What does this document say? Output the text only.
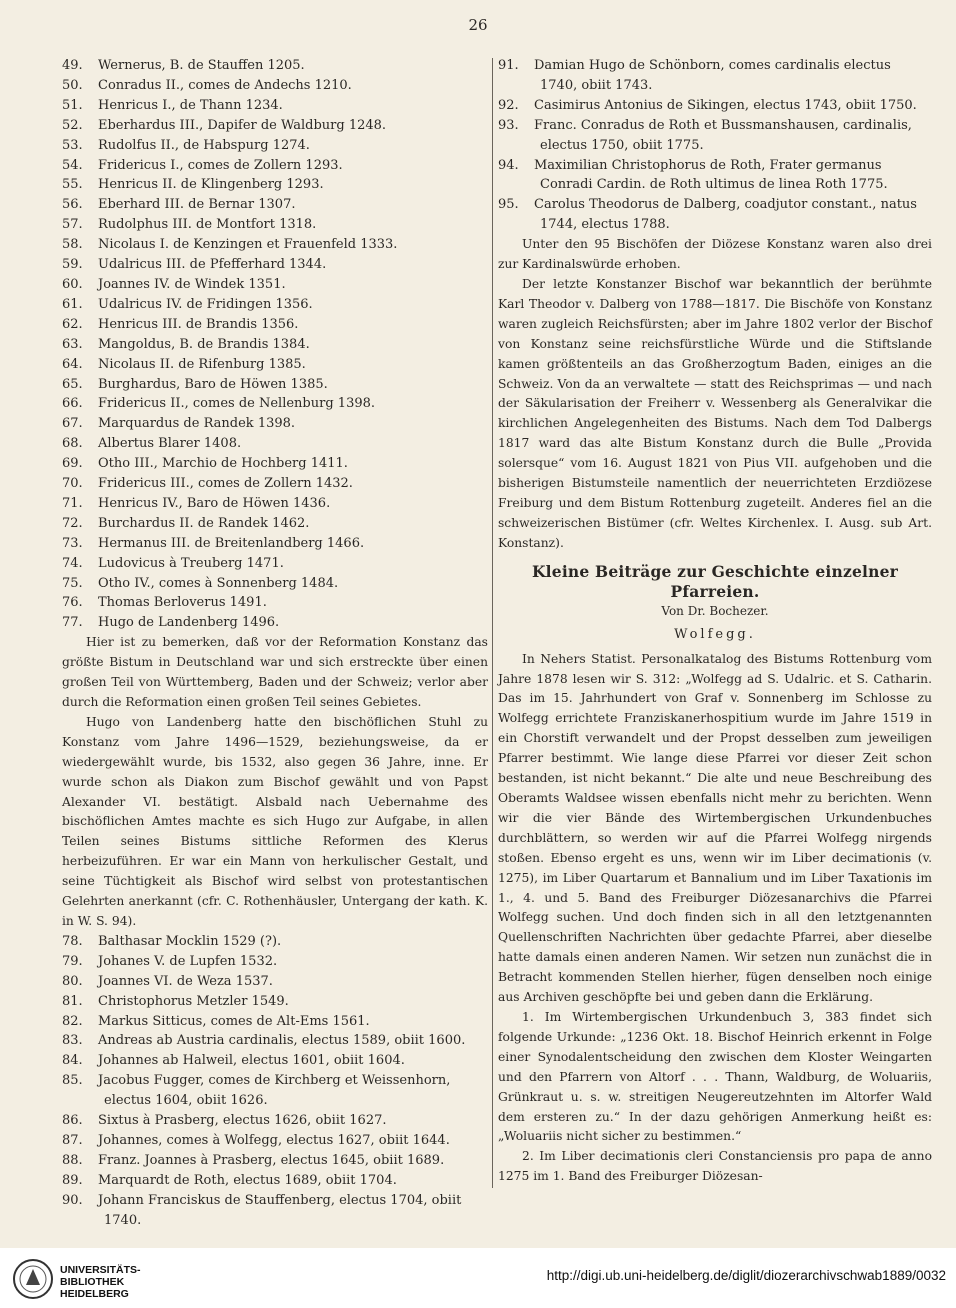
26

49. Wernerus, B. de Stauffen 1205.

50. Conradus II., comes de Andechs 1210.

51. Henricus I., de Thann 1234.

52. Eberhardus III., Dapifer de Waldburg 1248.

53. Rudolfus II., de Habspurg 1274.

54. Fridericus I., comes de Zollern 1293.

55. Henricus II. de Klingenberg 1293.

56. Eberhard III. de Bernar 1307.

57. Rudolphus III. de Montfort 1318.

58. Nicolaus I. de Kenzingen et Frauenfeld 1333.

59. Udalricus III. de Pfefferhard 1344.

60. Joannes IV. de Windek 1351.

61. Udalricus IV. de Fridingen 1356.

62. Henricus III. de Brandis 1356.

63. Mangoldus, B. de Brandis 1384.

64. Nicolaus II. de Rifenburg 1385.

65. Burghardus, Baro de Höwen 1385.

66. Fridericus II., comes de Nellenburg 1398.

67. Marquardus de Randek 1398.

68. Albertus Blarer 1408.

69. Otho III., Marchio de Hochberg 1411.

70. Fridericus III., comes de Zollern 1432.

71. Henricus IV., Baro de Höwen 1436.

72. Burchardus II. de Randek 1462.

73. Hermanus III. de Breitenlandberg 1466.

74. Ludovicus à Treuberg 1471.

75. Otho IV., comes à Sonnenberg 1484.

76. Thomas Berloverus 1491.

77. Hugo de Landenberg 1496.

Hier ist zu bemerken, daß vor der Reformation Konstanz das größte Bistum in Deutschland war und sich erstreckte über einen großen Teil von Württemberg, Baden und der Schweiz; verlor aber durch die Reformation einen großen Teil seines Gebietes.

Hugo von Landenberg hatte den bischöflichen Stuhl zu Konstanz vom Jahre 1496—1529, beziehungsweise, da er wiedergewählt wurde, bis 1532, also gegen 36 Jahre, inne. Er wurde schon als Diakon zum Bischof gewählt und von Papst Alexander VI. bestätigt. Alsbald nach Uebernahme des bischöflichen Amtes machte es sich Hugo zur Aufgabe, in allen Teilen seines Bistums sittliche Reformen des Klerus herbeizuführen. Er war ein Mann von herkulischer Gestalt, und seine Tüchtigkeit als Bischof wird selbst von protestantischen Gelehrten anerkannt (cfr. C. Rothenhäusler, Untergang der kath. K. in W. S. 94).

78. Balthasar Mocklin 1529 (?).

79. Johanes V. de Lupfen 1532.

80. Joannes VI. de Weza 1537.

81. Christophorus Metzler 1549.

82. Markus Sitticus, comes de Alt-Ems 1561.

83. Andreas ab Austria cardinalis, electus 1589, obiit 1600.

84. Johannes ab Halweil, electus 1601, obiit 1604.

85. Jacobus Fugger, comes de Kirchberg et Weissenhorn, electus 1604, obiit 1626.

86. Sixtus à Prasberg, electus 1626, obiit 1627.

87. Johannes, comes à Wolfegg, electus 1627, obiit 1644.

88. Franz. Joannes à Prasberg, electus 1645, obiit 1689.

89. Marquardt de Roth, electus 1689, obiit 1704.

90. Johann Franciskus de Stauffenberg, electus 1704, obiit 1740.

91. Damian Hugo de Schönborn, comes cardinalis electus 1740, obiit 1743.

92. Casimirus Antonius de Sikingen, electus 1743, obiit 1750.

93. Franc. Conradus de Roth et Bussmanshausen, cardinalis, electus 1750, obiit 1775.

94. Maximilian Christophorus de Roth, Frater germanus Conradi Cardin. de Roth ultimus de linea Roth 1775.

95. Carolus Theodorus de Dalberg, coadjutor constant., natus 1744, electus 1788.

Unter den 95 Bischöfen der Diözese Konstanz waren also drei zur Kardinalswürde erhoben.

Der letzte Konstanzer Bischof war bekanntlich der berühmte Karl Theodor v. Dalberg von 1788—1817. Die Bischöfe von Konstanz waren zugleich Reichsfürsten; aber im Jahre 1802 verlor der Bischof von Konstanz seine reichsfürstliche Würde und die Stiftslande kamen größtenteils an das Großherzogtum Baden, einiges an die Schweiz. Von da an verwaltete — statt des Reichsprimas — und nach der Säkularisation der Freiherr v. Wessenberg als Generalvikar die kirchlichen Angelegenheiten des Bistums. Nach dem Tod Dalbergs 1817 ward das alte Bistum Konstanz durch die Bulle „Provida solersque“ vom 16. August 1821 von Pius VII. aufgehoben und die bisherigen Bistumsteile namentlich der neuerrichteten Erzdiözese Freiburg und dem Bistum Rottenburg zugeteilt. Anderes fiel an die schweizerischen Bistümer (cfr. Weltes Kirchenlex. I. Ausg. sub Art. Konstanz).

Kleine Beiträge zur Geschichte einzelner Pfarreien.

Von Dr. Bochezer.

Wolfegg.

In Nehers Statist. Personalkatalog des Bistums Rottenburg vom Jahre 1878 lesen wir S. 312: „Wolfegg ad S. Udalric. et S. Catharin. Das im 15. Jahrhundert von Graf v. Sonnenberg im Schlosse zu Wolfegg errichtete Franziskanerhospitium wurde im Jahre 1519 in ein Chorstift verwandelt und der Propst desselben zum jeweiligen Pfarrer bestimmt. Wie lange diese Pfarrei vor dieser Zeit schon bestanden, ist nicht bekannt.“ Die alte und neue Beschreibung des Oberamts Waldsee wissen ebenfalls nicht mehr zu berichten. Wenn wir die vier Bände des Wirtembergischen Urkundenbuches durchblättern, so werden wir auf die Pfarrei Wolfegg nirgends stoßen. Ebenso ergeht es uns, wenn wir im Liber decimationis (v. 1275), im Liber Quartarum et Bannalium und im Liber Taxationis im 1., 4. und 5. Band des Freiburger Diözesanarchivs die Pfarrei Wolfegg suchen. Und doch finden sich in all den letztgenannten Quellenschriften Nachrichten über gedachte Pfarrei, aber dieselbe hatte damals einen anderen Namen. Wir setzen nun zunächst die in Betracht kommenden Stellen hierher, fügen denselben noch einige aus Archiven geschöpfte bei und geben dann die Erklärung.

1. Im Wirtembergischen Urkundenbuch 3, 383 findet sich folgende Urkunde: „1236 Okt. 18. Bischof Heinrich erkennt in Folge einer Synodalentscheidung den zwischen dem Kloster Weingarten und den Pfarrern von Altorf . . . Thann, Waldburg, de Woluariis, Grünkraut u. s. w. streitigen Neugereutzehnten im Altorfer Wald dem ersteren zu.“ In der dazu gehörigen Anmerkung heißt es: „Woluariis nicht sicher zu bestimmen.“

2. Im Liber decimationis cleri Constanciensis pro papa de anno 1275 im 1. Band des Freiburger Diözesan-

UNIVERSITÄTS-
BIBLIOTHEK
HEIDELBERG
http://digi.ub.uni-heidelberg.de/diglit/diozerarchivschwab1889/0032
